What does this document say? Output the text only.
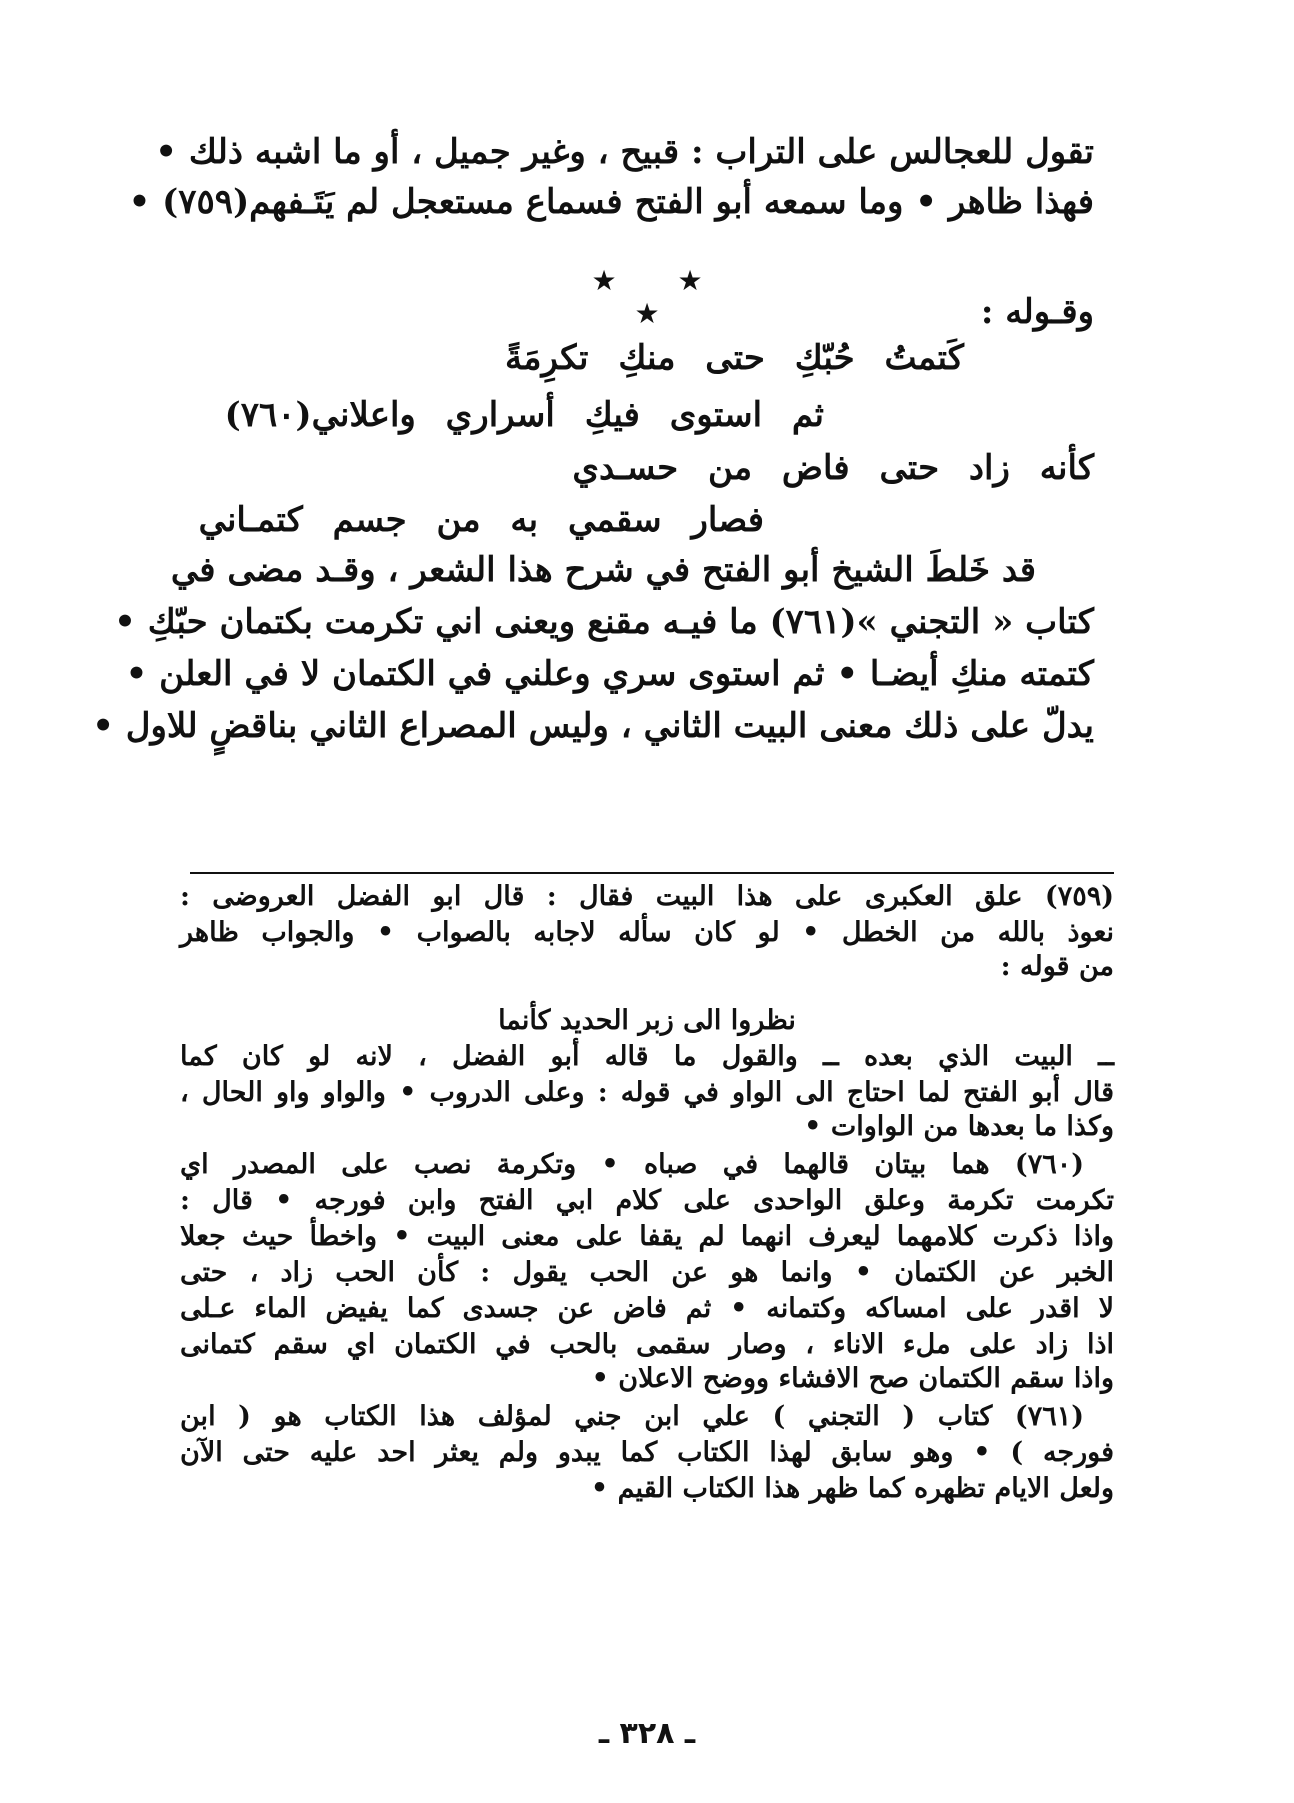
تقول للعجالس على التراب : قبيح ، وغير جميل ، أو ما اشبه ذلك •
فهذا ظاهر • وما سمعه أبو الفتح فسماع مستعجل لم يَتَـفهم(٧٥٩) •
★ ★ ★	وقـوله :
كَتمتُ حُبّكِ حتى منكِ تكرِمَةً
ثم استوى فيكِ أسراري واعلاني(٧٦٠)
كأنه زاد حتى فاض من حسـدي
فصار سقمي به من جسم كتمـاني
قد خَلطَ الشيخ أبو الفتح في شرح هذا الشعر ، وقـد مضى في
كتاب « التجني »(٧٦١) ما فيـه مقنع ويعنى اني تكرمت بكتمان حبّكِ •
كتمته منكِ أيضـا • ثم استوى سري وعلني في الكتمان لا في العلن •
يدلّ على ذلك معنى البيت الثاني ، وليس المصراع الثاني بناقضٍ للاول •
(٧٥٩) علق العكبرى على هذا البيت فقال : قال ابو الفضل العروضى :
نعوذ بالله من الخطل • لو كان سأله لاجابه بالصواب • والجواب ظاهر
من قوله :
نظروا الى زبر الحديد كأنما
ــ البيت الذي بعده ــ والقول ما قاله أبو الفضل ، لانه لو كان كما
قال أبو الفتح لما احتاج الى الواو في قوله : وعلى الدروب • والواو واو الحال ،
وكذا ما بعدها من الواوات •
(٧٦٠) هما بيتان قالهما في صباه • وتكرمة نصب على المصدر اي
تكرمت تكرمة وعلق الواحدى على كلام ابي الفتح وابن فورجه • قال :
واذا ذكرت كلامهما ليعرف انهما لم يقفا على معنى البيت • واخطأ حيث جعلا
الخبر عن الكتمان • وانما هو عن الحب يقول : كأن الحب زاد ، حتى
لا اقدر على امساكه وكتمانه • ثم فاض عن جسدى كما يفيض الماء عـلى
اذا زاد على ملء الاناء ، وصار سقمى بالحب في الكتمان اي سقم كتمانى
واذا سقم الكتمان صح الافشاء ووضح الاعلان •
(٧٦١) كتاب ( التجني ) علي ابن جني لمؤلف هذا الكتاب هو ( ابن
فورجه ) • وهو سابق لهذا الكتاب كما يبدو ولم يعثر احد عليه حتى الآن
ولعل الايام تظهره كما ظهر هذا الكتاب القيم •
ـ ٣٢٨ ـ
